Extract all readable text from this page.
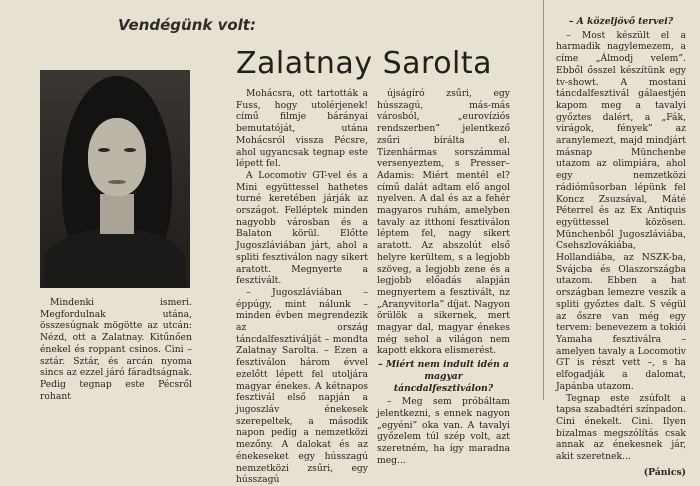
Vendégünk volt:
Zalatnay Sarolta

Mindenki ismeri. Megfordulnak utána, összesúgnak mögötte az utcán: Nézd, ott a Zalatnay. Kitűnően énekel és roppant csinos. Cini – sztár. Sztár, és arcán nyoma sincs az ezzel járó fáradtságnak. Pedig tegnap este Pécsről rohant

Mohácsra, ott tartották a Fuss, hogy utolérjenek! című filmje bárányai bemutatóját, utána Mohácsról vissza Pécsre, ahol ugyancsak tegnap este lépett fel.

A Locomotiv GT-vel és a Mini együttessel hathetes turné keretében járják az országot. Felléptek minden nagyobb városban és a Balaton körül. Előtte Jugoszláviában járt, ahol a spliti fesztiválon nagy sikert aratott. Megnyerte a fesztivált.

– Jugoszláviában – éppúgy, mint nálunk – minden évben megrendezik az ország táncdalfesztiválját – mondta Zalatnay Sarolta. – Ezen a fesztiválon három évvel ezelőtt lépett fel utoljára magyar énekes. A kétnapos fesztivál első napján a jugoszláv énekesek szerepeltek, a második napon pedig a nemzetközi mezőny. A dalokat és az énekeseket egy hússzagú nemzetközi zsűri, egy hússzagú

újságíró zsűri, egy hússzagú, más-más városból, „eurovíziós rendszerben” jelentkező zsűri bírálta el. Tizenhármas sorszámmal versenyeztem, s Presser–Adamis: Miért mentél el? című dalát adtam elő angol nyelven. A dal és az a fehér magyaros ruhám, amelyben tavaly az itthoni fesztiválon léptem fel, nagy sikert aratott. Az abszolút első helyre kerültem, s a legjobb szöveg, a legjobb zene és a legjobb előadás alapján megnyertem a fesztivált, nz „Aranyvitorla” díjat. Nagyon örülök a sikernek, mert magyar dal, magyar énekes még sehol a világon nem kapott ekkora elismerést.

– Miért nem indult idén a magyar táncdalfesztiválon?

– Meg sem próbáltam jelentkezni, s ennek nagyon „egyéni” oka van. A tavalyi győzelem túl szép volt, azt szeretném, ha így maradna meg...

– A közeljövő tervei?

– Most készült el a harmadik nagylemezem, a címe „Álmodj velem”. Ebből ősszel készítünk egy tv-showt. A mostani táncdalfesztivál gálaestjén kapom meg a tavalyi győztes dalért, a „Fák, virágok, fények” az aranylemezt, majd mindjárt másnap Münchenbe utazom az olimpiára, ahol egy nemzetközi rádióműsorban lépünk fel Koncz Zsuzsával, Máté Péterrel és az Ex Antiquis együttessel közösen. Münchenből Jugoszláviába, Csehszlovákiába, Hollandiába, az NSZK-ba, Svájcba és Olaszországba utazom. Ebben a hat országban lemezre veszik a spliti győztes dalt. S végül az őszre van még egy tervem: benevezem a tokiói Yamaha fesztiválra – amelyen tavaly a Locomotiv GT is részt vett –, s ha elfogadják a dalomat, Japánba utazom.

Tegnap este zsúfolt a tapsa szabadtéri színpadon. Cini énekelt. Cini. Ilyen bizalmas megszólítás csak annak az énekesnek jár, akit szeretnek...

(Pánics)
